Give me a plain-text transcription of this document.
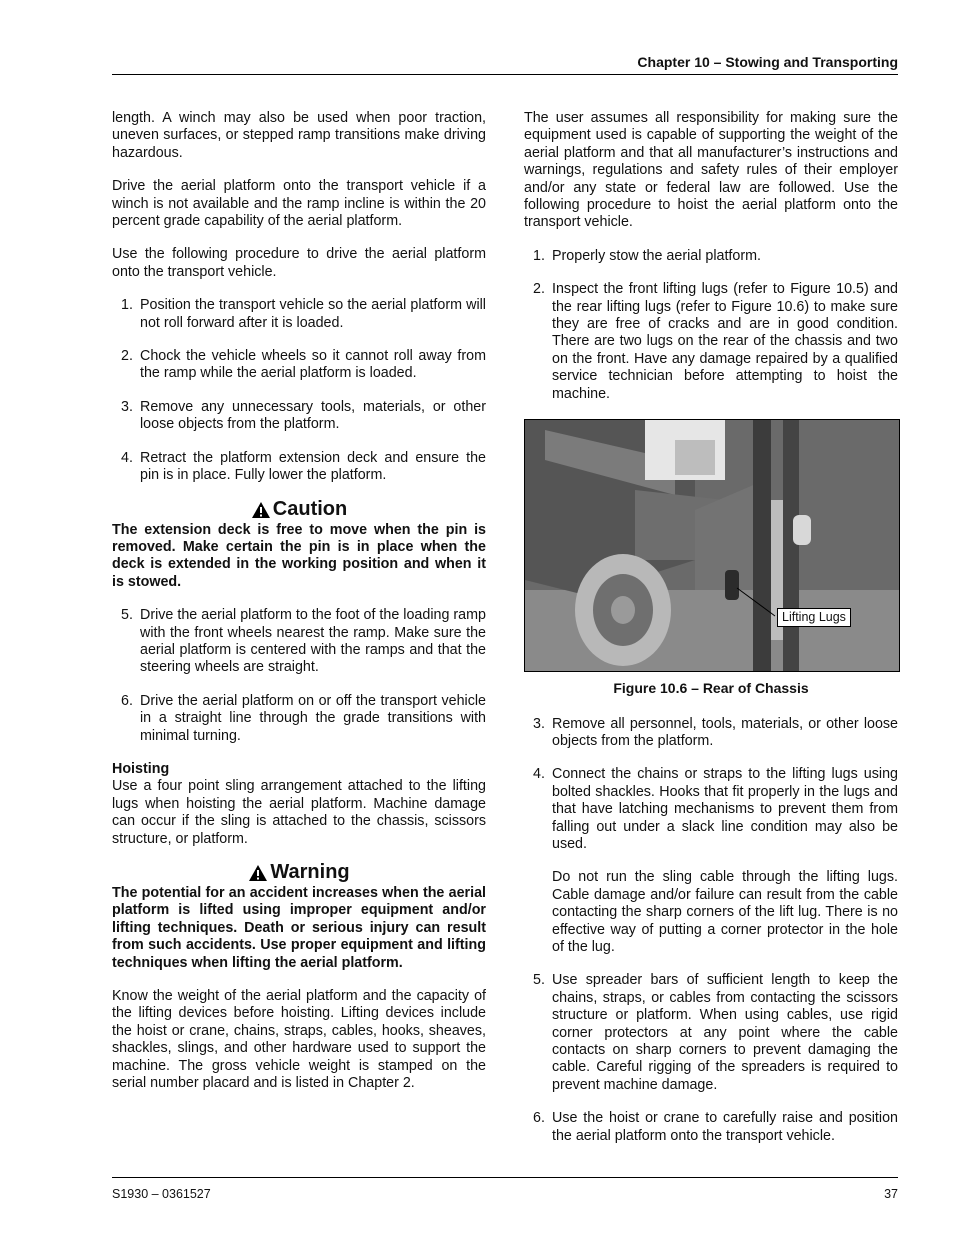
Chapter 10 – Stowing and Transporting

length. A winch may also be used when poor traction, uneven surfaces, or stepped ramp transitions make driving hazardous.

Drive the aerial platform onto the transport vehicle if a winch is not available and the ramp incline is within the 20 percent grade capability of the aerial platform.

Use the following procedure to drive the aerial platform onto the transport vehicle.

1. Position the transport vehicle so the aerial platform will not roll forward after it is loaded.
2. Chock the vehicle wheels so it cannot roll away from the ramp while the aerial platform is loaded.
3. Remove any unnecessary tools, materials, or other loose objects from the platform.
4. Retract the platform extension deck and ensure the pin is in place. Fully lower the platform.
Caution
The extension deck is free to move when the pin is removed. Make certain the pin is in place when the deck is extended in the working position and when it is stowed.
5. Drive the aerial platform to the foot of the loading ramp with the front wheels nearest the ramp. Make sure the aerial platform is centered with the ramps and that the steering wheels are straight.
6. Drive the aerial platform on or off the transport vehicle in a straight line through the grade transitions with minimal turning.
Hoisting

Use a four point sling arrangement attached to the lifting lugs when hoisting the aerial platform. Machine damage can occur if the sling is attached to the chassis, scissors structure, or platform.

Warning
The potential for an accident increases when the aerial platform is lifted using improper equipment and/or lifting techniques. Death or serious injury can result from such accidents. Use proper equipment and lifting techniques when lifting the aerial platform.

Know the weight of the aerial platform and the capacity of the lifting devices before hoisting. Lifting devices include the hoist or crane, chains, straps, cables, hooks, sheaves, shackles, slings, and other hardware used to support the machine. The gross vehicle weight is stamped on the serial number placard and is listed in Chapter 2.

The user assumes all responsibility for making sure the equipment used is capable of supporting the weight of the aerial platform and that all manufacturer’s instructions and warnings, regulations and safety rules of their employer and/or any state or federal law are followed. Use the following procedure to hoist the aerial platform onto the transport vehicle.

1. Properly stow the aerial platform.
2. Inspect the front lifting lugs (refer to Figure 10.5) and the rear lifting lugs (refer to Figure 10.6) to make sure they are free of cracks and are in good condition. There are two lugs on the rear of the chassis and two on the front. Have any damage repaired by a qualified service technician before attempting to hoist the machine.
Lifting Lugs
Figure 10.6 – Rear of Chassis
3. Remove all personnel, tools, materials, or other loose objects from the platform.
4. Connect the chains or straps to the lifting lugs using bolted shackles. Hooks that fit properly in the lugs and that have latching mechanisms to prevent them from falling out under a slack line condition may also be used.
Do not run the sling cable through the lifting lugs. Cable damage and/or failure can result from the cable contacting the sharp corners of the lift lug. There is no effective way of putting a corner protector in the hole of the lug.
5. Use spreader bars of sufficient length to keep the chains, straps, or cables from contacting the scissors structure or platform. When using cables, use rigid corner protectors at any point where the cable contacts on sharp corners to prevent damaging the cable. Careful rigging of the spreaders is required to prevent machine damage.
6. Use the hoist or crane to carefully raise and position the aerial platform onto the transport vehicle.
S1930 – 0361527	37
